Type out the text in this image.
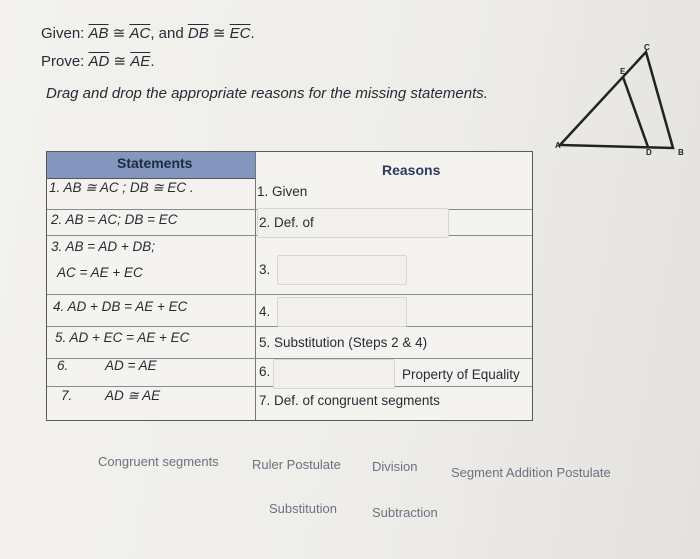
Given: $\overline{AB}$ ≅ $\overline{AC}$, and $\overline{DB}$ ≅ $\overline{EC}$.
Prove: $\overline{AD}$ ≅ $\overline{AE}$.
Drag and drop the appropriate reasons for the missing statements.
A
B
C
D
E
Statements	Reasons
1. AB ≅ AC ; DB ≅ EC .	1. Given
2. AB = AC; DB = EC	2. Def. of
3. AB = AD + DB;
AC = AE + EC	3.
4. AD + DB = AE + EC	4.
5. AD + EC = AE + EC	5. Substitution (Steps 2 & 4)
6.	AD = AE	6.	Property of Equality
7. AD ≅ AE	7. Def. of congruent segments
Congruent segments	Ruler Postulate Division	Segment Addition Postulate
Substitution	Subtraction
